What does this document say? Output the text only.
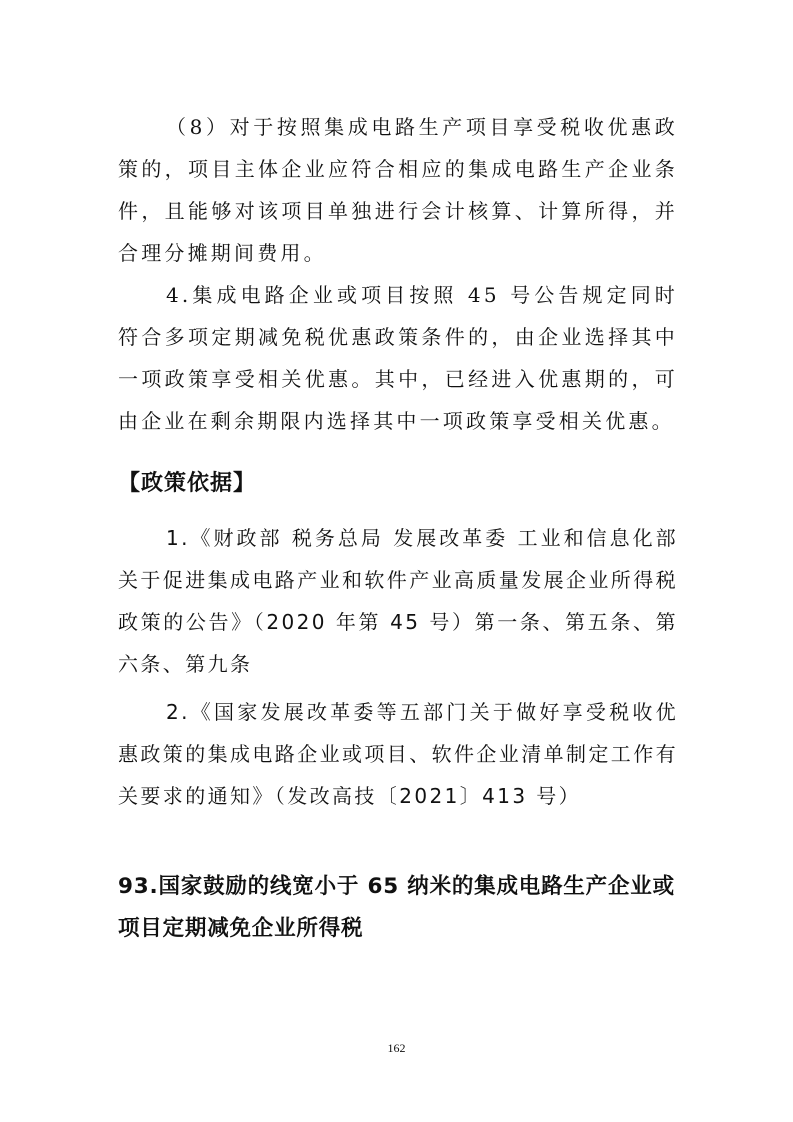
（8）对于按照集成电路生产项目享受税收优惠政策的，项目主体企业应符合相应的集成电路生产企业条件，且能够对该项目单独进行会计核算、计算所得，并合理分摊期间费用。

4.集成电路企业或项目按照 45 号公告规定同时符合多项定期减免税优惠政策条件的，由企业选择其中一项政策享受相关优惠。其中，已经进入优惠期的，可由企业在剩余期限内选择其中一项政策享受相关优惠。

【政策依据】

1.《财政部 税务总局 发展改革委 工业和信息化部关于促进集成电路产业和软件产业高质量发展企业所得税政策的公告》（2020 年第 45 号）第一条、第五条、第六条、第九条

2.《国家发展改革委等五部门关于做好享受税收优惠政策的集成电路企业或项目、软件企业清单制定工作有关要求的通知》（发改高技〔2021〕413 号）

93.国家鼓励的线宽小于 65 纳米的集成电路生产企业或项目定期减免企业所得税

162
